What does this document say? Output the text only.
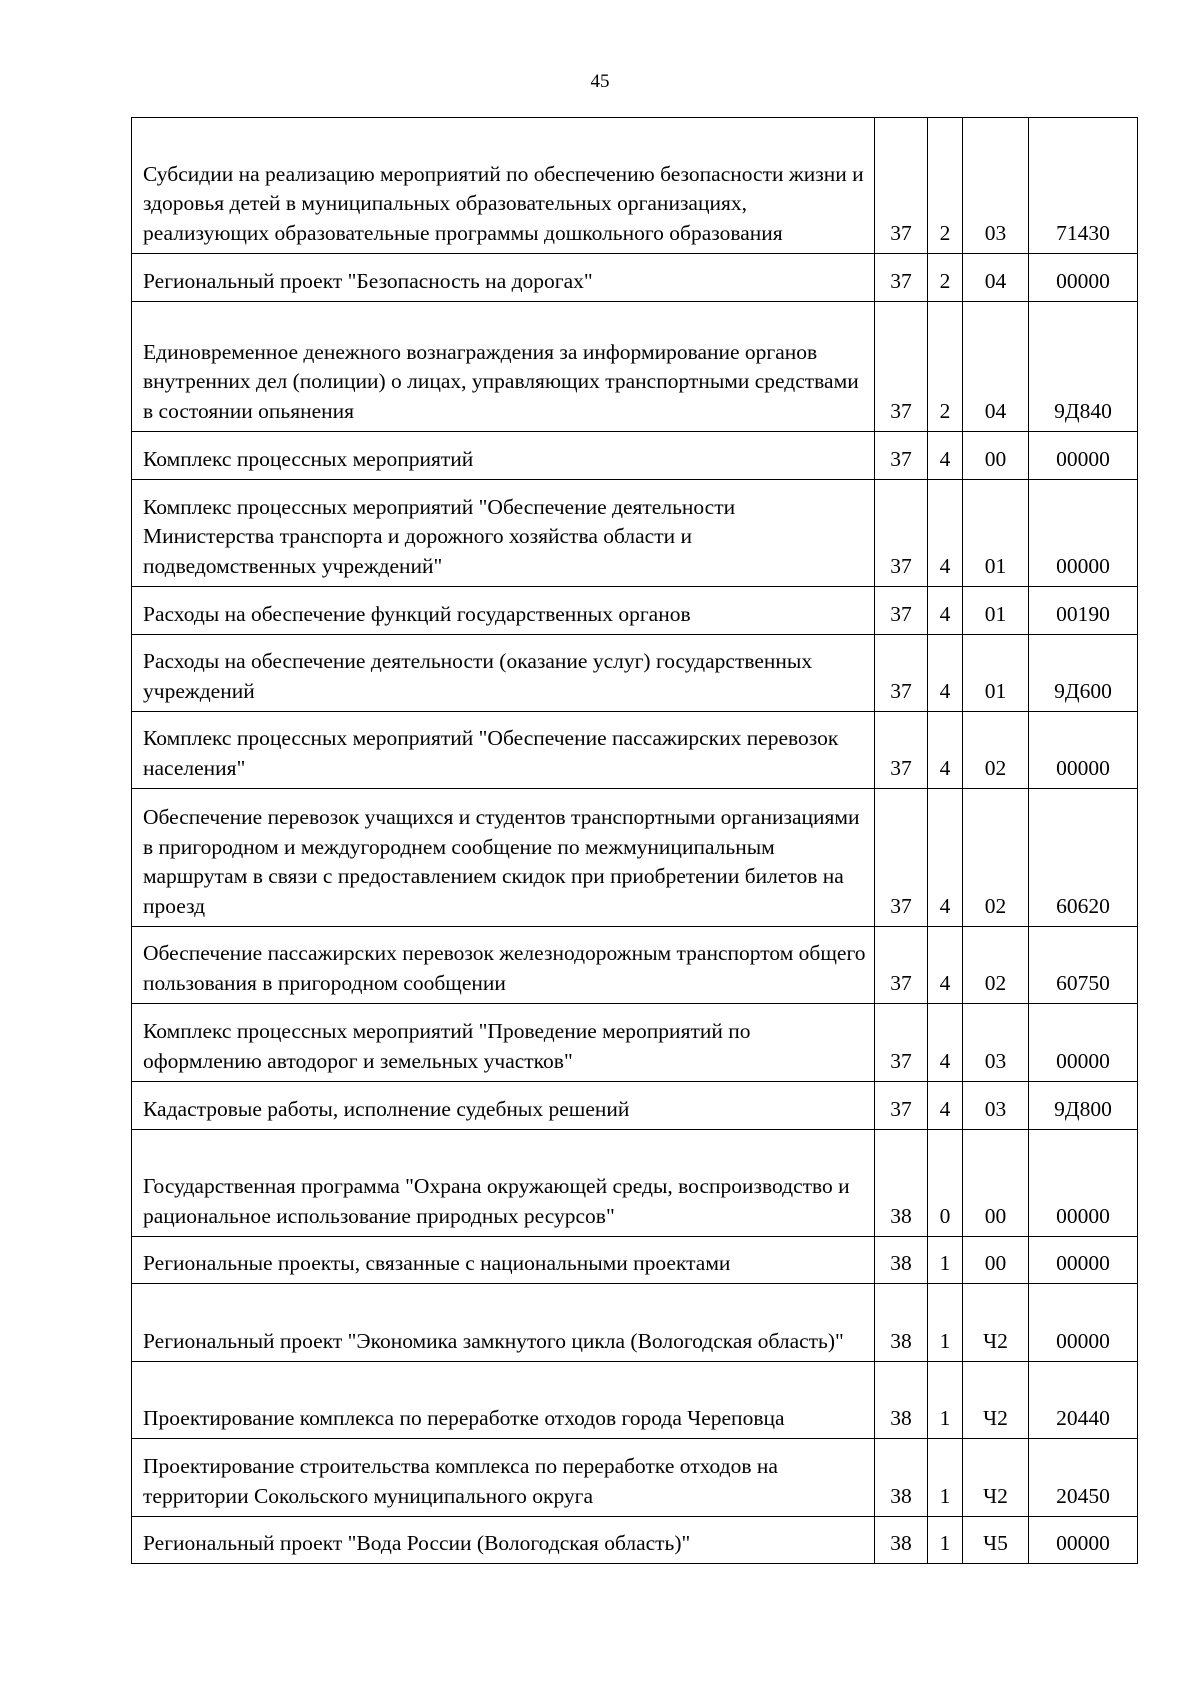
45
Субсидии на реализацию мероприятий по обеспечению безопасности жизни и здоровья детей в муниципальных образовательных организациях, реализующих образовательные программы дошкольного образования	37	2	03	71430
Региональный проект "Безопасность на дорогах"	37	2	04	00000
Единовременное денежного вознаграждения за информирование органов внутренних дел (полиции) о лицах, управляющих транспортными средствами в состоянии опьянения	37	2	04	9Д840
Комплекс процессных мероприятий	37	4	00	00000
Комплекс процессных мероприятий "Обеспечение деятельности Министерства транспорта и дорожного хозяйства области и подведомственных учреждений"	37	4	01	00000
Расходы на обеспечение функций государственных органов	37	4	01	00190
Расходы на обеспечение деятельности (оказание услуг) государственных учреждений	37	4	01	9Д600
Комплекс процессных мероприятий "Обеспечение пассажирских перевозок населения"	37	4	02	00000
Обеспечение перевозок учащихся и студентов транспортными организациями в пригородном и междугороднем сообщение по межмуниципальным маршрутам в связи с предоставлением скидок при приобретении билетов на проезд	37	4	02	60620
Обеспечение пассажирских перевозок железнодорожным транспортом общего пользования в пригородном сообщении	37	4	02	60750
Комплекс процессных мероприятий "Проведение мероприятий по оформлению автодорог и земельных участков"	37	4	03	00000
Кадастровые работы, исполнение судебных решений	37	4	03	9Д800
Государственная программа "Охрана окружающей среды, воспроизводство и рациональное использование природных ресурсов"	38	0	00	00000
Региональные проекты, связанные с национальными проектами	38	1	00	00000
Региональный проект "Экономика замкнутого цикла (Вологодская область)"	38	1	Ч2	00000
Проектирование комплекса по переработке отходов города Череповца	38	1	Ч2	20440
Проектирование строительства комплекса по переработке отходов на территории Сокольского муниципального округа	38	1	Ч2	20450
Региональный проект "Вода России (Вологодская область)"	38	1	Ч5	00000
